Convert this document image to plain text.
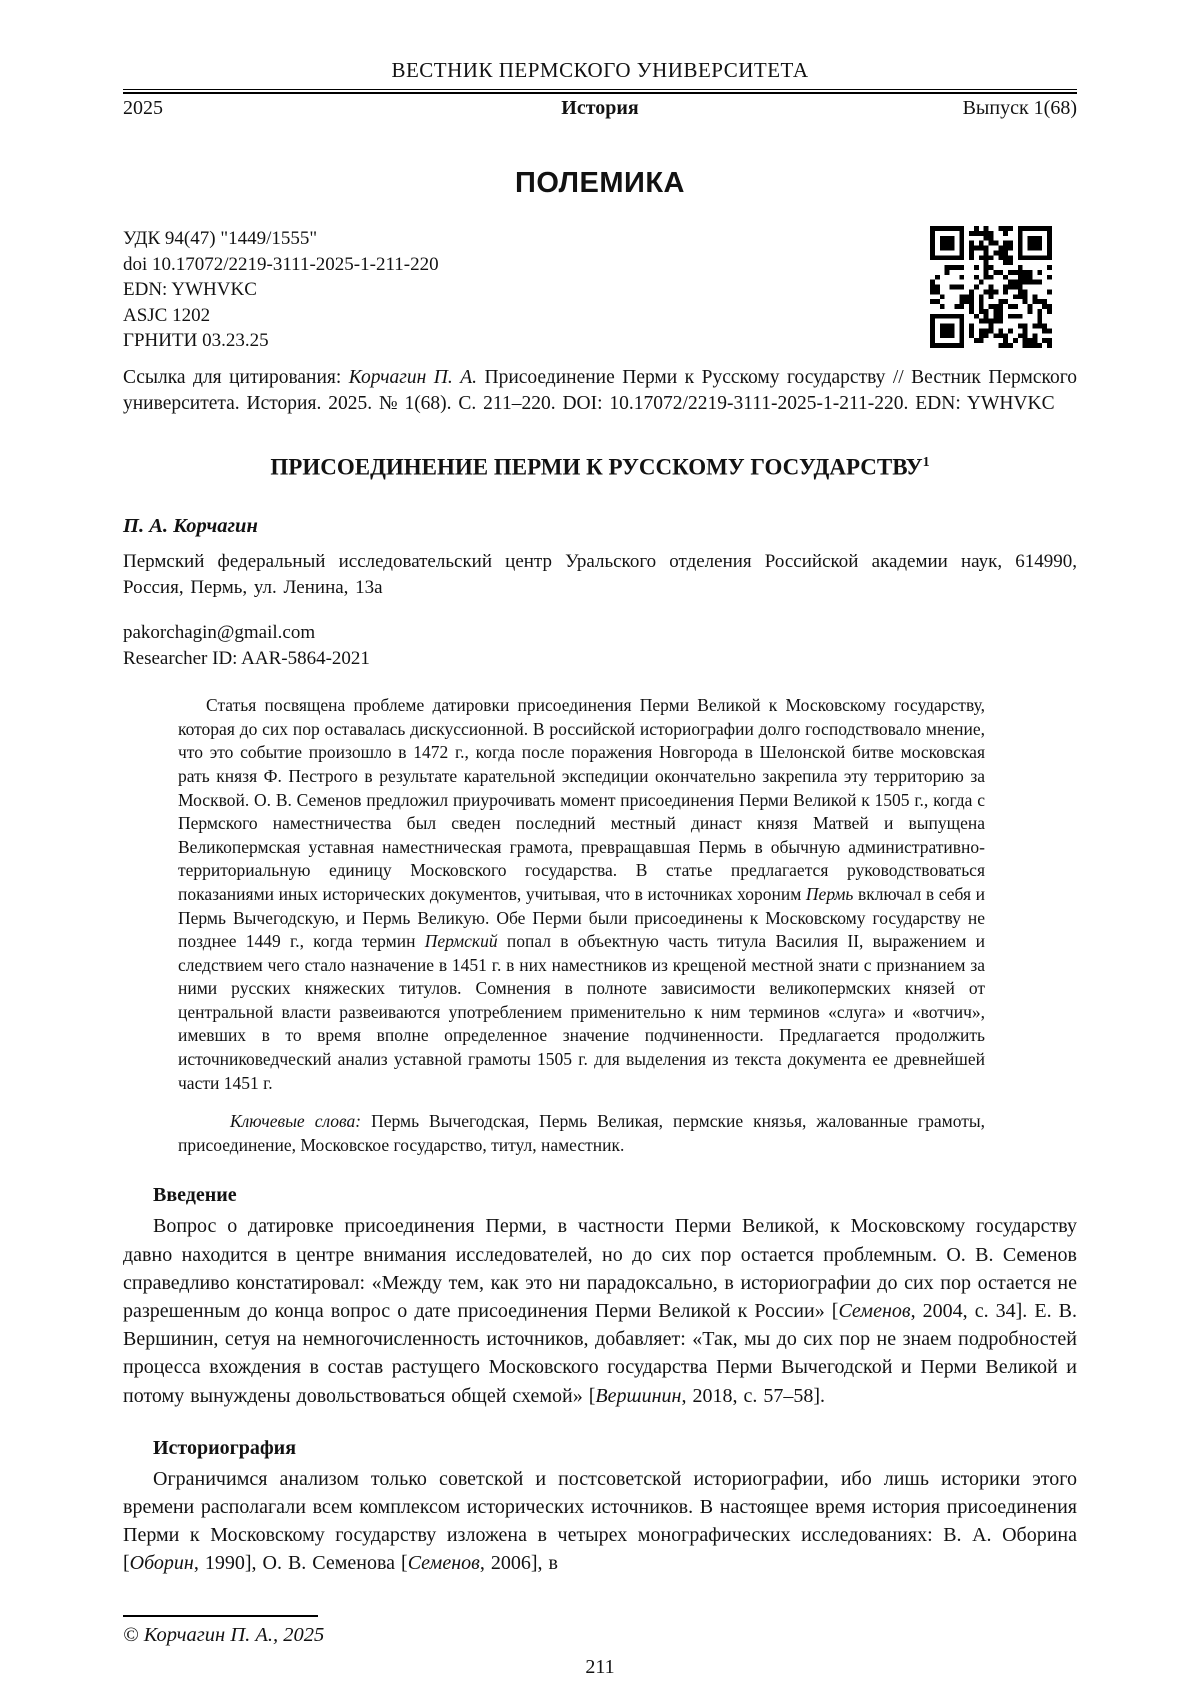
ВЕСТНИК ПЕРМСКОГО УНИВЕРСИТЕТА
2025	История	Выпуск 1(68)
ПОЛЕМИКА
УДК 94(47) "1449/1555"
doi 10.17072/2219-3111-2025-1-211-220
EDN: YWHVKC
ASJC 1202
ГРНИТИ 03.23.25

Ссылка для цитирования: Корчагин П. А. Присоединение Перми к Русскому государству // Вестник Пермского университета. История. 2025. № 1(68). С. 211–220. DOI: 10.17072/2219-3111-2025-1-211-220. EDN: YWHVKC

ПРИСОЕДИНЕНИЕ ПЕРМИ К РУССКОМУ ГОСУДАРСТВУ$^1$
П. А. Корчагин

Пермский федеральный исследовательский центр Уральского отделения Российской академии наук, 614990, Россия, Пермь, ул. Ленина, 13а

pakorchagin@gmail.com
Researcher ID: AAR-5864-2021

Статья посвящена проблеме датировки присоединения Перми Великой к Московскому государству, которая до сих пор оставалась дискуссионной. В российской историографии долго господствовало мнение, что это событие произошло в 1472 г., когда после поражения Новгорода в Шелонской битве московская рать князя Ф. Пестрого в результате карательной экспедиции окончательно закрепила эту территорию за Москвой. О. В. Семенов предложил приурочивать момент присоединения Перми Великой к 1505 г., когда с Пермского наместничества был сведен последний местный династ князя Матвей и выпущена Великопермская уставная наместническая грамота, превращавшая Пермь в обычную административно-территориальную единицу Московского государства. В статье предлагается руководствоваться показаниями иных исторических документов, учитывая, что в источниках хороним Пермь включал в себя и Пермь Вычегодскую, и Пермь Великую. Обе Перми были присоединены к Московскому государству не позднее 1449 г., когда термин Пермский попал в объектную часть титула Василия II, выражением и следствием чего стало назначение в 1451 г. в них наместников из крещеной местной знати с признанием за ними русских княжеских титулов. Сомнения в полноте зависимости великопермских князей от центральной власти развеиваются употреблением применительно к ним терминов «слуга» и «вотчич», имевших в то время вполне определенное значение подчиненности. Предлагается продолжить источниковедческий анализ уставной грамоты 1505 г. для выделения из текста документа ее древнейшей части 1451 г.

Ключевые слова: Пермь Вычегодская, Пермь Великая, пермские князья, жалованные грамоты, присоединение, Московское государство, титул, наместник.

Введение

Вопрос о датировке присоединения Перми, в частности Перми Великой, к Московскому государству давно находится в центре внимания исследователей, но до сих пор остается проблемным. О. В. Семенов справедливо констатировал: «Между тем, как это ни парадоксально, в историографии до сих пор остается не разрешенным до конца вопрос о дате присоединения Перми Великой к России» [Семенов, 2004, с. 34]. Е. В. Вершинин, сетуя на немногочисленность источников, добавляет: «Так, мы до сих пор не знаем подробностей процесса вхождения в состав растущего Московского государства Перми Вычегодской и Перми Великой и потому вынуждены довольствоваться общей схемой» [Вершинин, 2018, с. 57–58].

Историография

Ограничимся анализом только советской и постсоветской историографии, ибо лишь историки этого времени располагали всем комплексом исторических источников. В настоящее время история присоединения Перми к Московскому государству изложена в четырех монографических исследованиях: В. А. Оборина [Оборин, 1990], О. В. Семенова [Семенов, 2006], в

© Корчагин П. А., 2025
211
